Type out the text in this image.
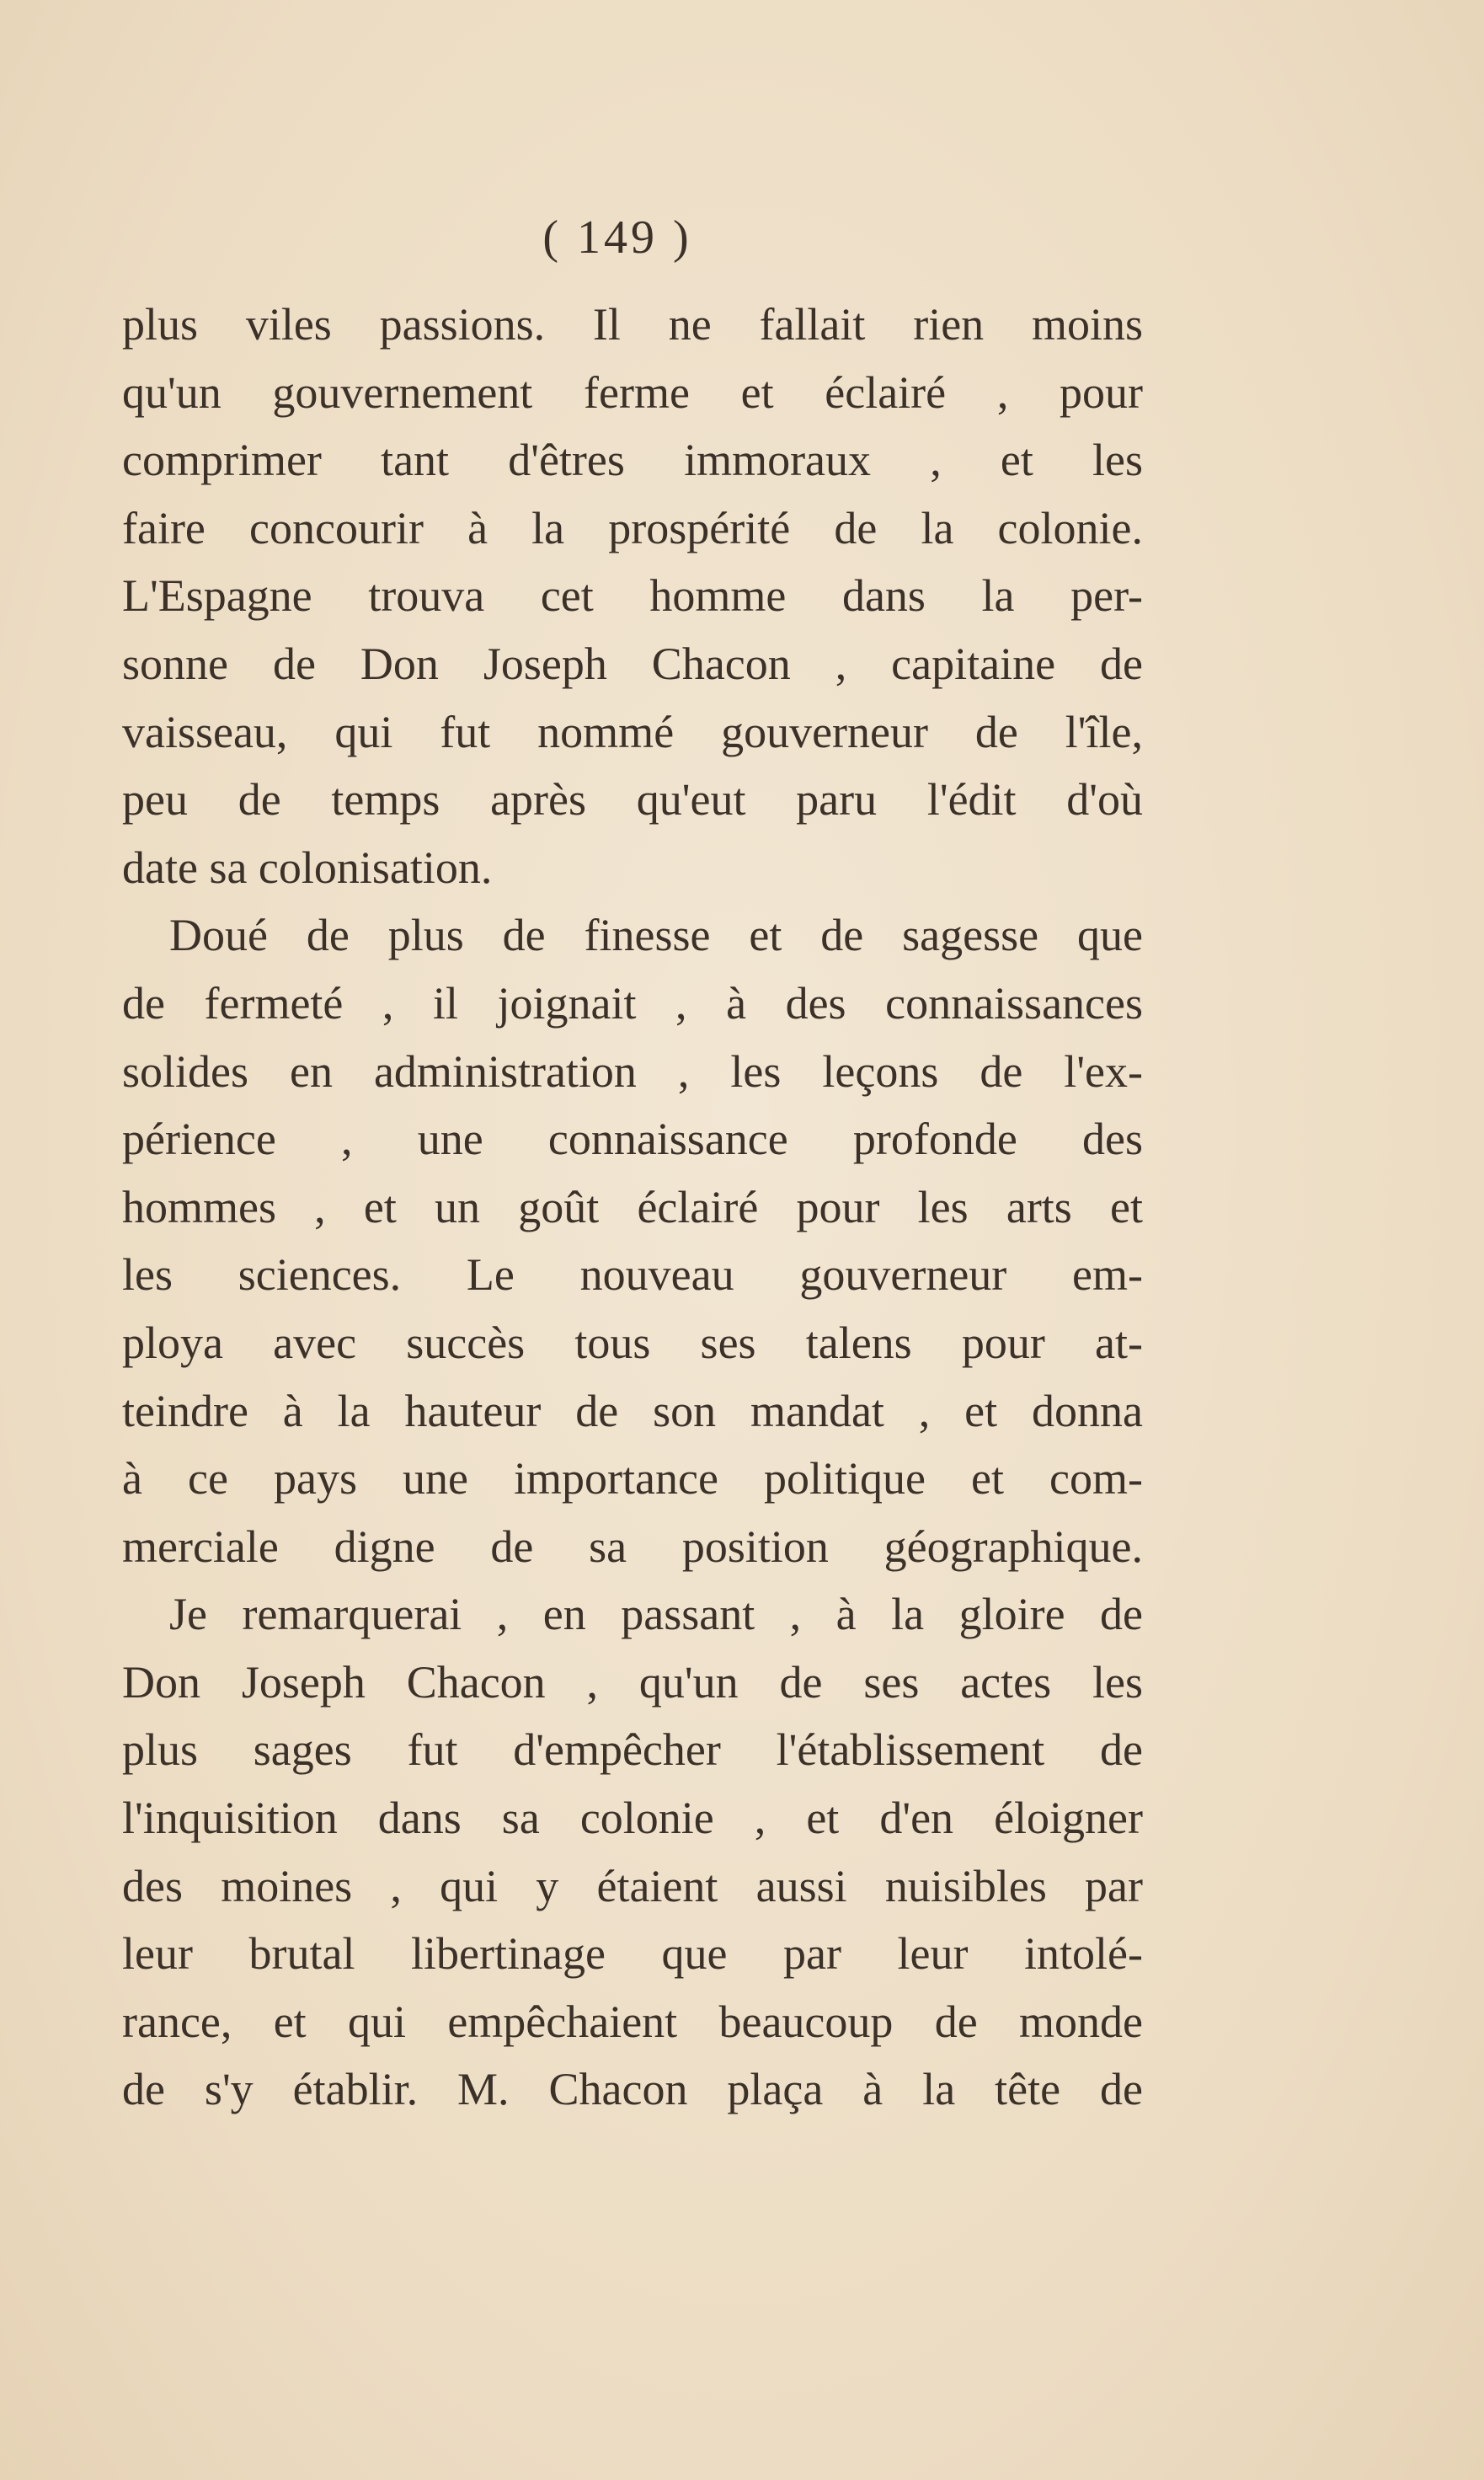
( 149 )
plus viles passions. Il ne fallait rien moins
qu'un gouvernement ferme et éclairé , pour
comprimer tant d'êtres immoraux , et les
faire concourir à la prospérité de la colonie.
L'Espagne trouva cet homme dans la per-
sonne de Don Joseph Chacon , capitaine de
vaisseau, qui fut nommé gouverneur de l'île,
peu de temps après qu'eut paru l'édit d'où
date sa colonisation.
Doué de plus de finesse et de sagesse que
de fermeté , il joignait , à des connaissances
solides en administration , les leçons de l'ex-
périence , une connaissance profonde des
hommes , et un goût éclairé pour les arts et
les sciences. Le nouveau gouverneur em-
ploya avec succès tous ses talens pour at-
teindre à la hauteur de son mandat , et donna
à ce pays une importance politique et com-
merciale digne de sa position géographique.
Je remarquerai , en passant , à la gloire de
Don Joseph Chacon , qu'un de ses actes les
plus sages fut d'empêcher l'établissement de
l'inquisition dans sa colonie , et d'en éloigner
des moines , qui y étaient aussi nuisibles par
leur brutal libertinage que par leur intolé-
rance, et qui empêchaient beaucoup de monde
de s'y établir. M. Chacon plaça à la tête de
